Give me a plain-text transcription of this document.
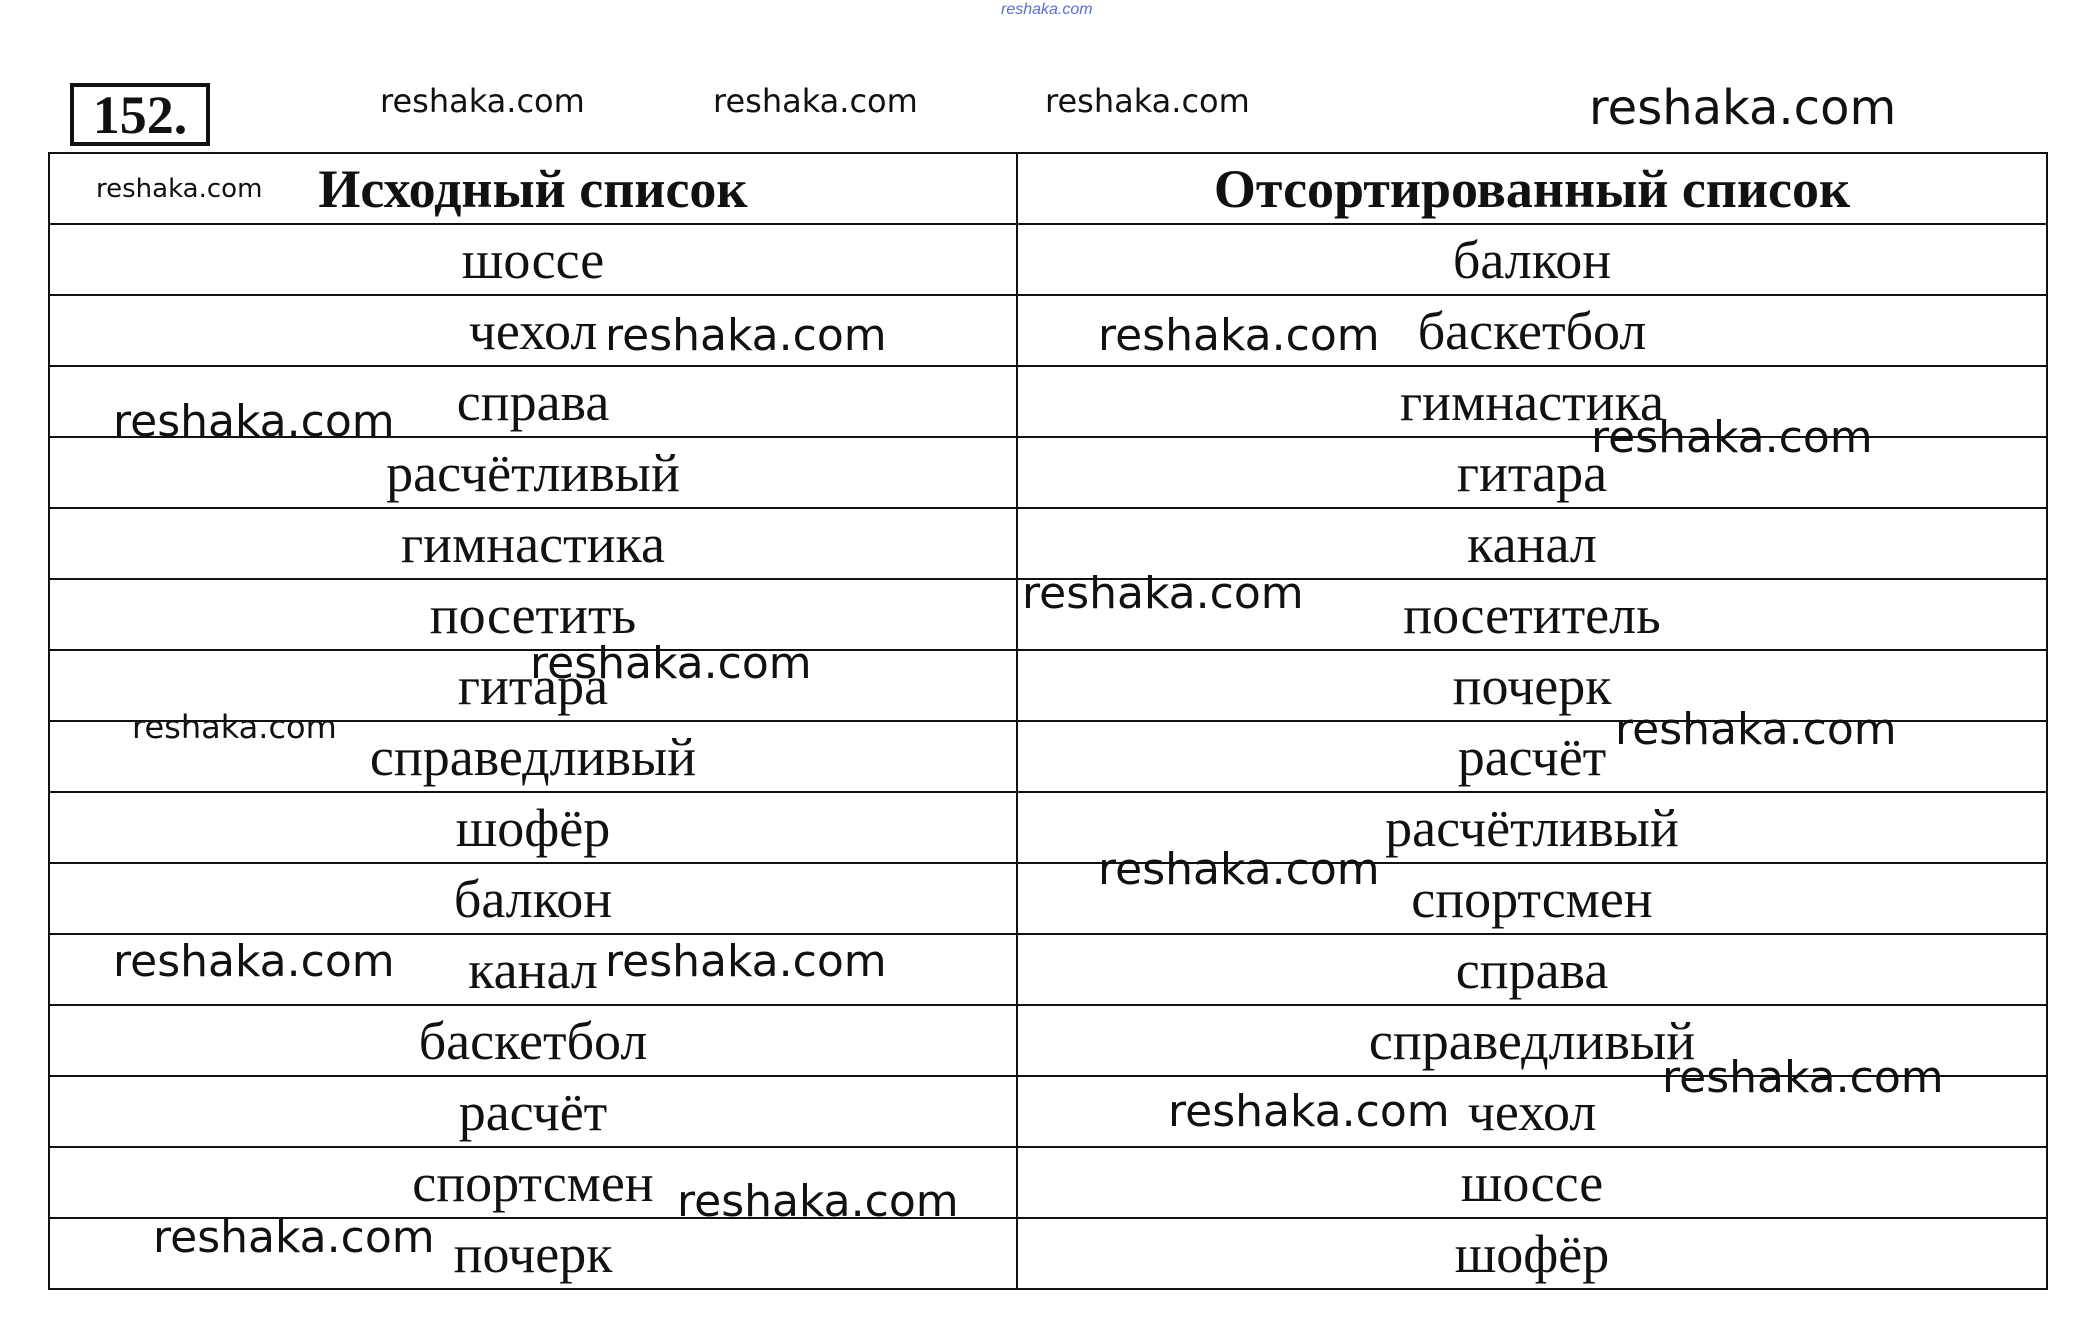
reshaka.com
152.
Исходный список	Отсортированный список
шоссе	балкон
чехол	баскетбол
справа	гимнастика
расчётливый	гитара
гимнастика	канал
посетить	посетитель
гитара	почерк
справедливый	расчёт
шофёр	расчётливый
балкон	спортсмен
канал	справа
баскетбол	справедливый
расчёт	чехол
спортсмен	шоссе
почерк	шофёр
reshaka.com	reshaka.com	reshaka.com	reshaka.com
reshaka.com
reshaka.com	reshaka.com
reshaka.com	reshaka.com
reshaka.com
reshaka.com
reshaka.com	reshaka.com
reshaka.com
reshaka.com	reshaka.com
reshaka.com
reshaka.com
reshaka.com
reshaka.com
